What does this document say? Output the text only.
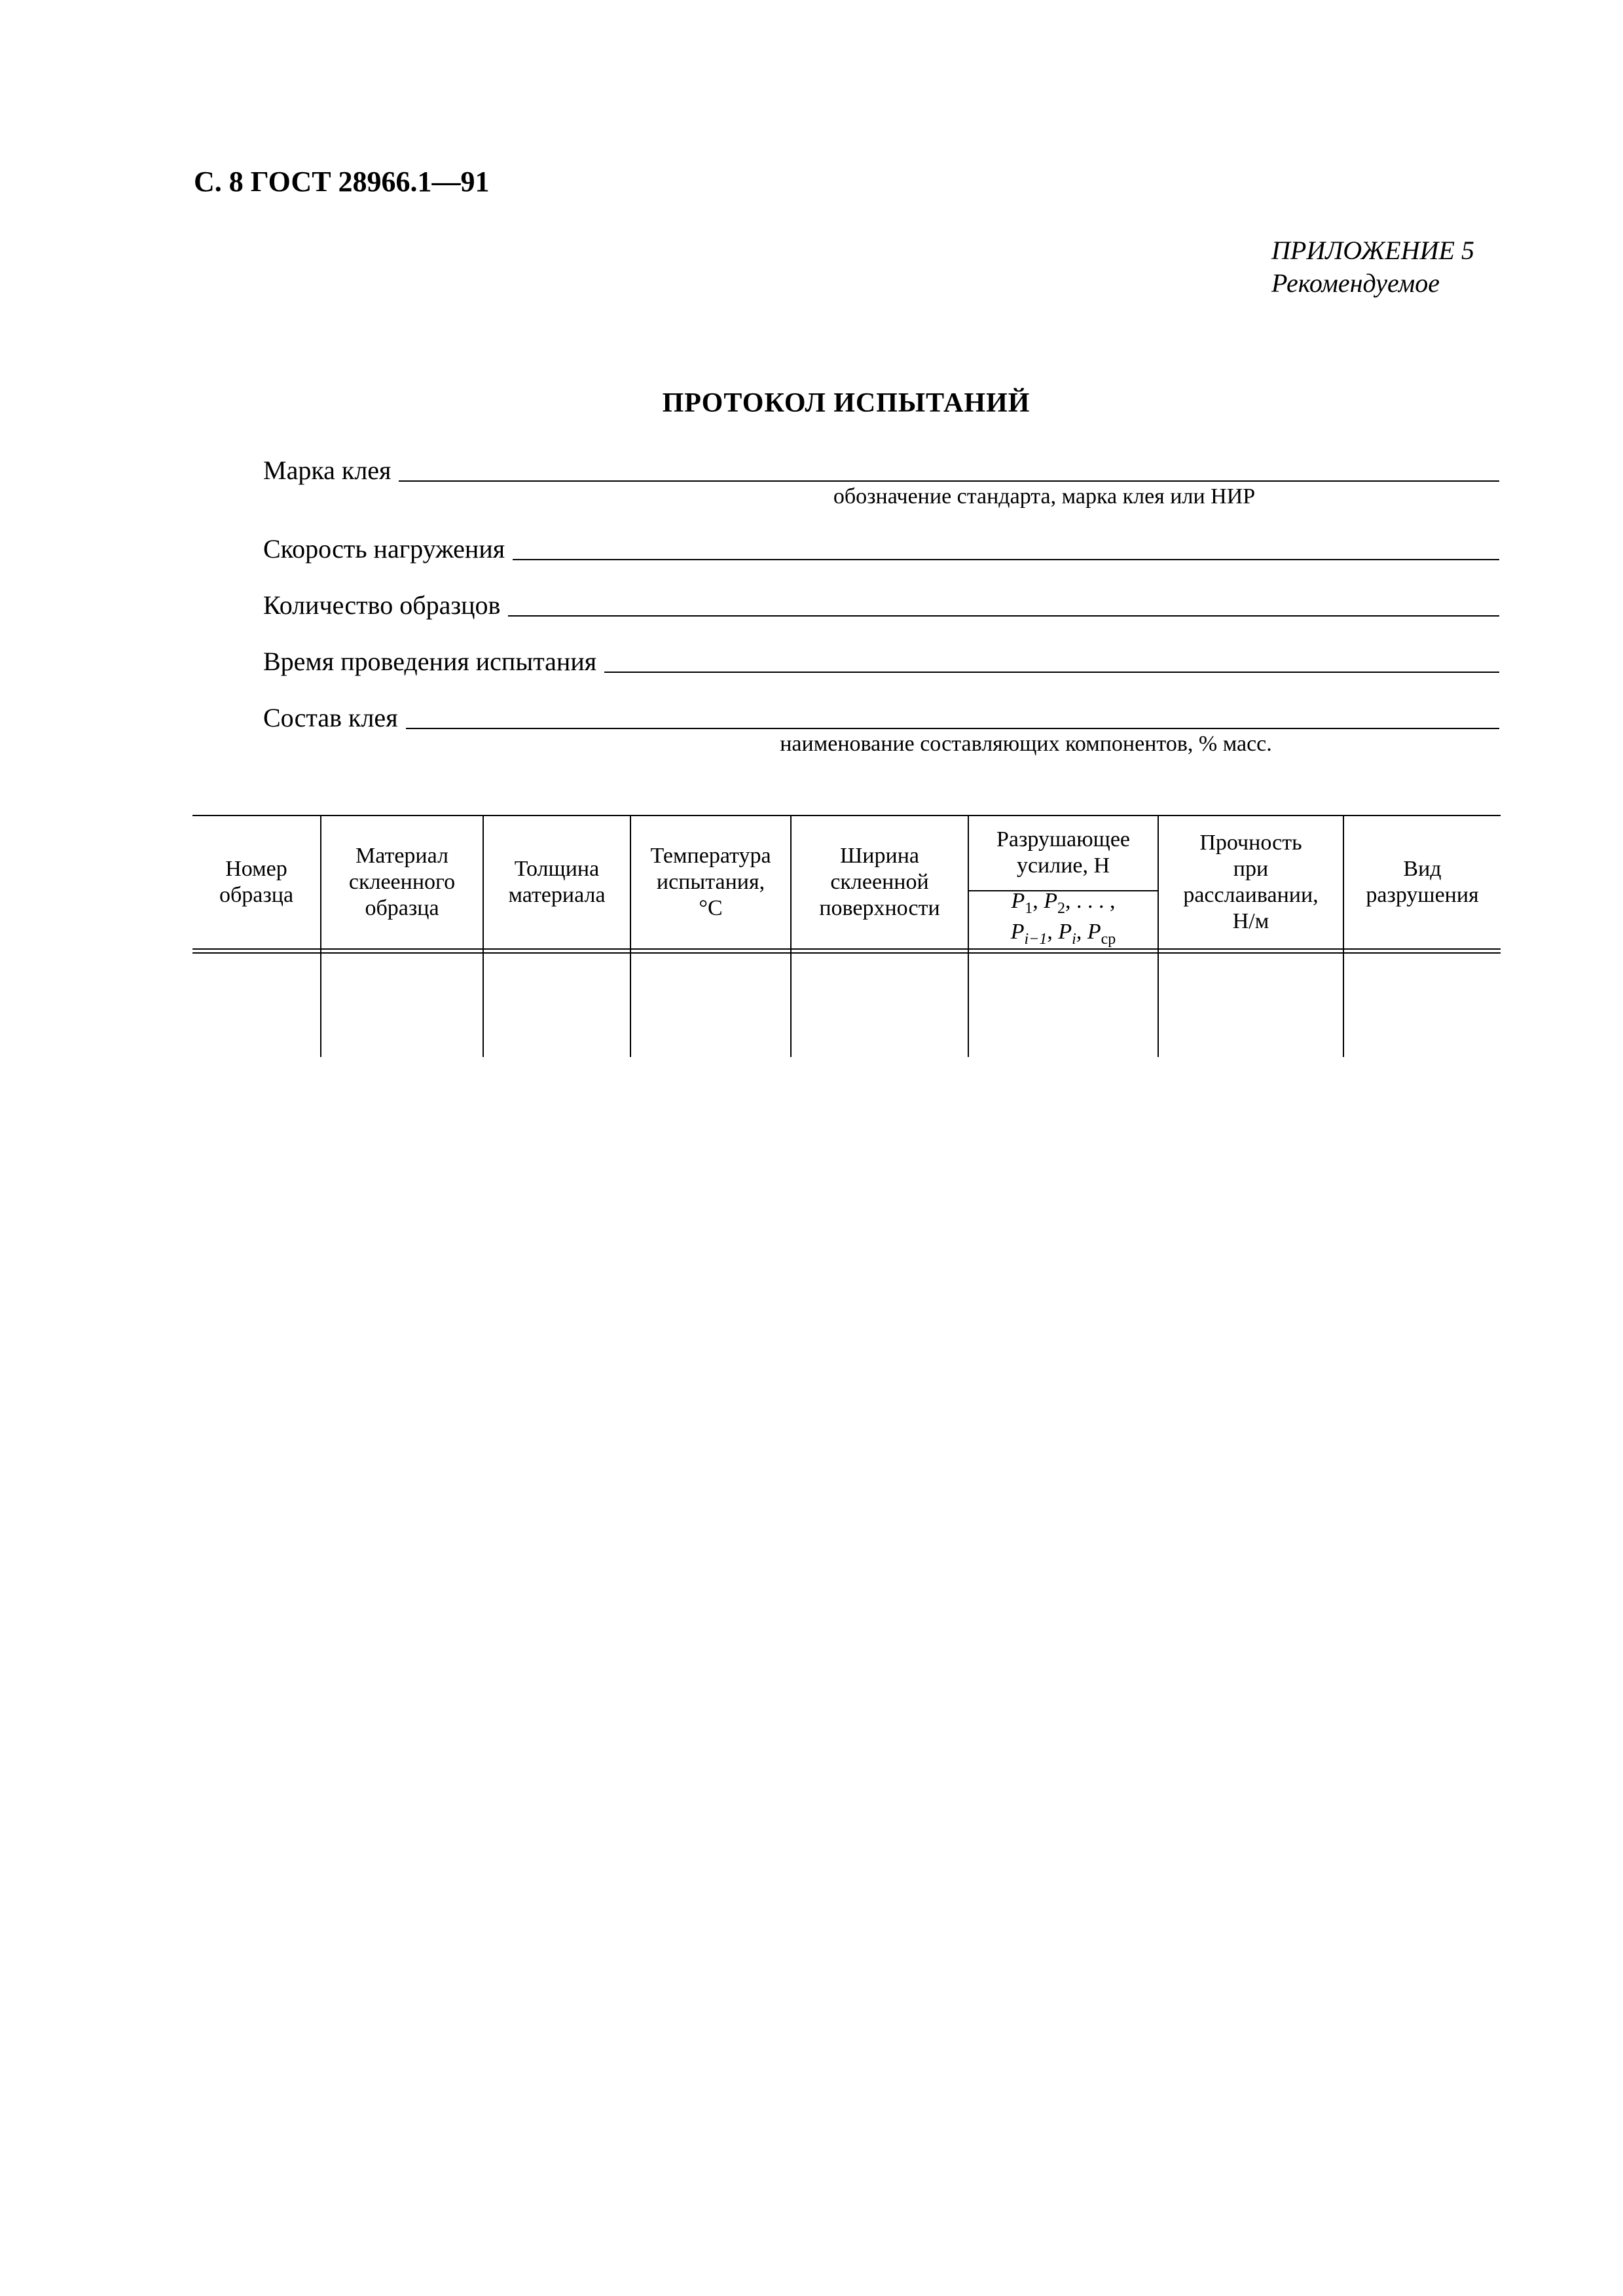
С. 8 ГОСТ 28966.1—91
ПРИЛОЖЕНИЕ 5
Рекомендуемое
ПРОТОКОЛ ИСПЫТАНИЙ
Марка клея
обозначение стандарта, марка клея или НИР
Скорость нагружения
Количество образцов
Время проведения испытания
Состав клея
наименование составляющих компонентов, % масс.
Номер
образца
Материал
склеенного
образца
Толщина
материала
Температура
испытания,
°С
Ширина
склеенной
поверхности
Разрушающее
усилие, Н
$P_1$, $P_2$, . . . ,
$P_{i-1}$, $P_i$, $P_{ср}$
Прочность
при
расслаивании,
Н/м
Вид
разрушения
